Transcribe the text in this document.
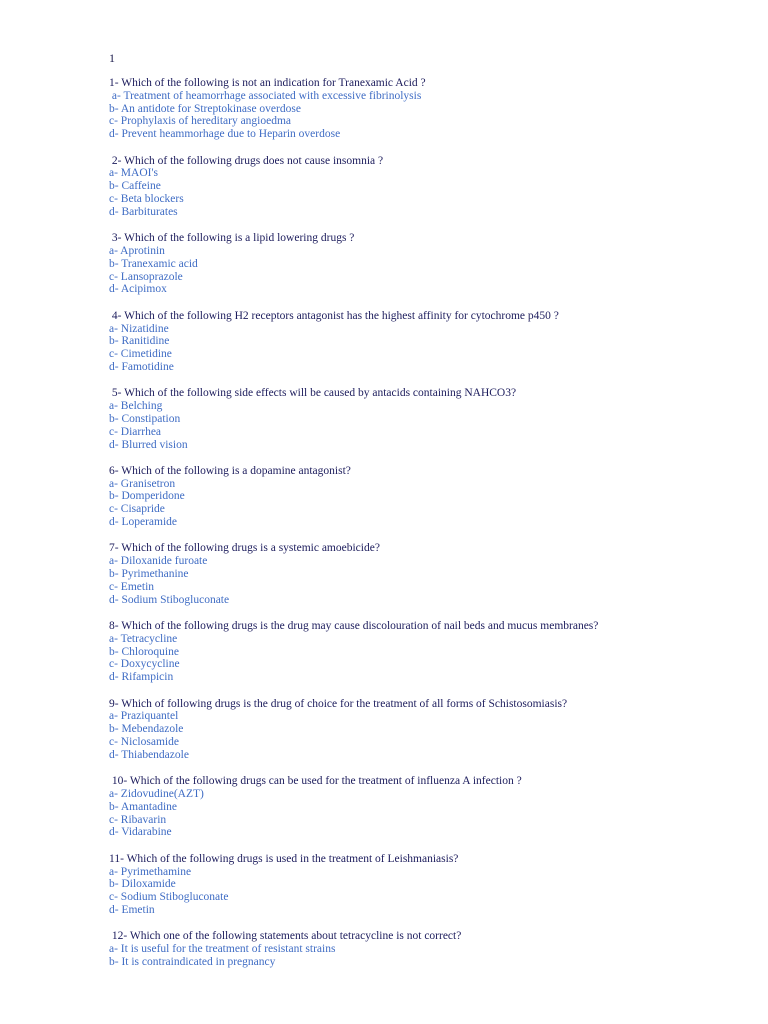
1
1- Which of the following is not an indication for Tranexamic Acid ?
a- Treatment of heamorrhage associated with excessive fibrinolysis
b- An antidote for Streptokinase overdose
c- Prophylaxis of hereditary angioedma
d- Prevent heammorhage due to Heparin overdose
2- Which of the following drugs does not cause insomnia ?
a- MAOI's
b- Caffeine
c- Beta blockers
d- Barbiturates
3- Which of the following is a lipid lowering drugs ?
a- Aprotinin
b- Tranexamic acid
c- Lansoprazole
d- Acipimox
4- Which of the following H2 receptors antagonist has the highest affinity for cytochrome p450 ?
a- Nizatidine
b- Ranitidine
c- Cimetidine
d- Famotidine
5- Which of the following side effects will be caused by antacids containing NAHCO3?
a- Belching
b- Constipation
c- Diarrhea
d- Blurred vision
6- Which of the following is a dopamine antagonist?
a- Granisetron
b- Domperidone
c- Cisapride
d- Loperamide
7- Which of the following drugs is a systemic amoebicide?
a- Diloxanide furoate
b- Pyrimethanine
c- Emetin
d- Sodium Stibogluconate
8- Which of the following drugs is the drug may cause discolouration of nail beds and mucus membranes?
a- Tetracycline
b- Chloroquine
c- Doxycycline
d- Rifampicin
9- Which of following drugs is the drug of choice for the treatment of all forms of Schistosomiasis?
a- Praziquantel
b- Mebendazole
c- Niclosamide
d- Thiabendazole
10- Which of the following drugs can be used for the treatment of influenza A infection ?
a- Zidovudine(AZT)
b- Amantadine
c- Ribavarin
d- Vidarabine
11- Which of the following drugs is used in the treatment of Leishmaniasis?
a- Pyrimethamine
b- Diloxamide
c- Sodium Stibogluconate
d- Emetin
12- Which one of the following statements about tetracycline is not correct?
a- It is useful for the treatment of resistant strains
b- It is contraindicated in pregnancy
